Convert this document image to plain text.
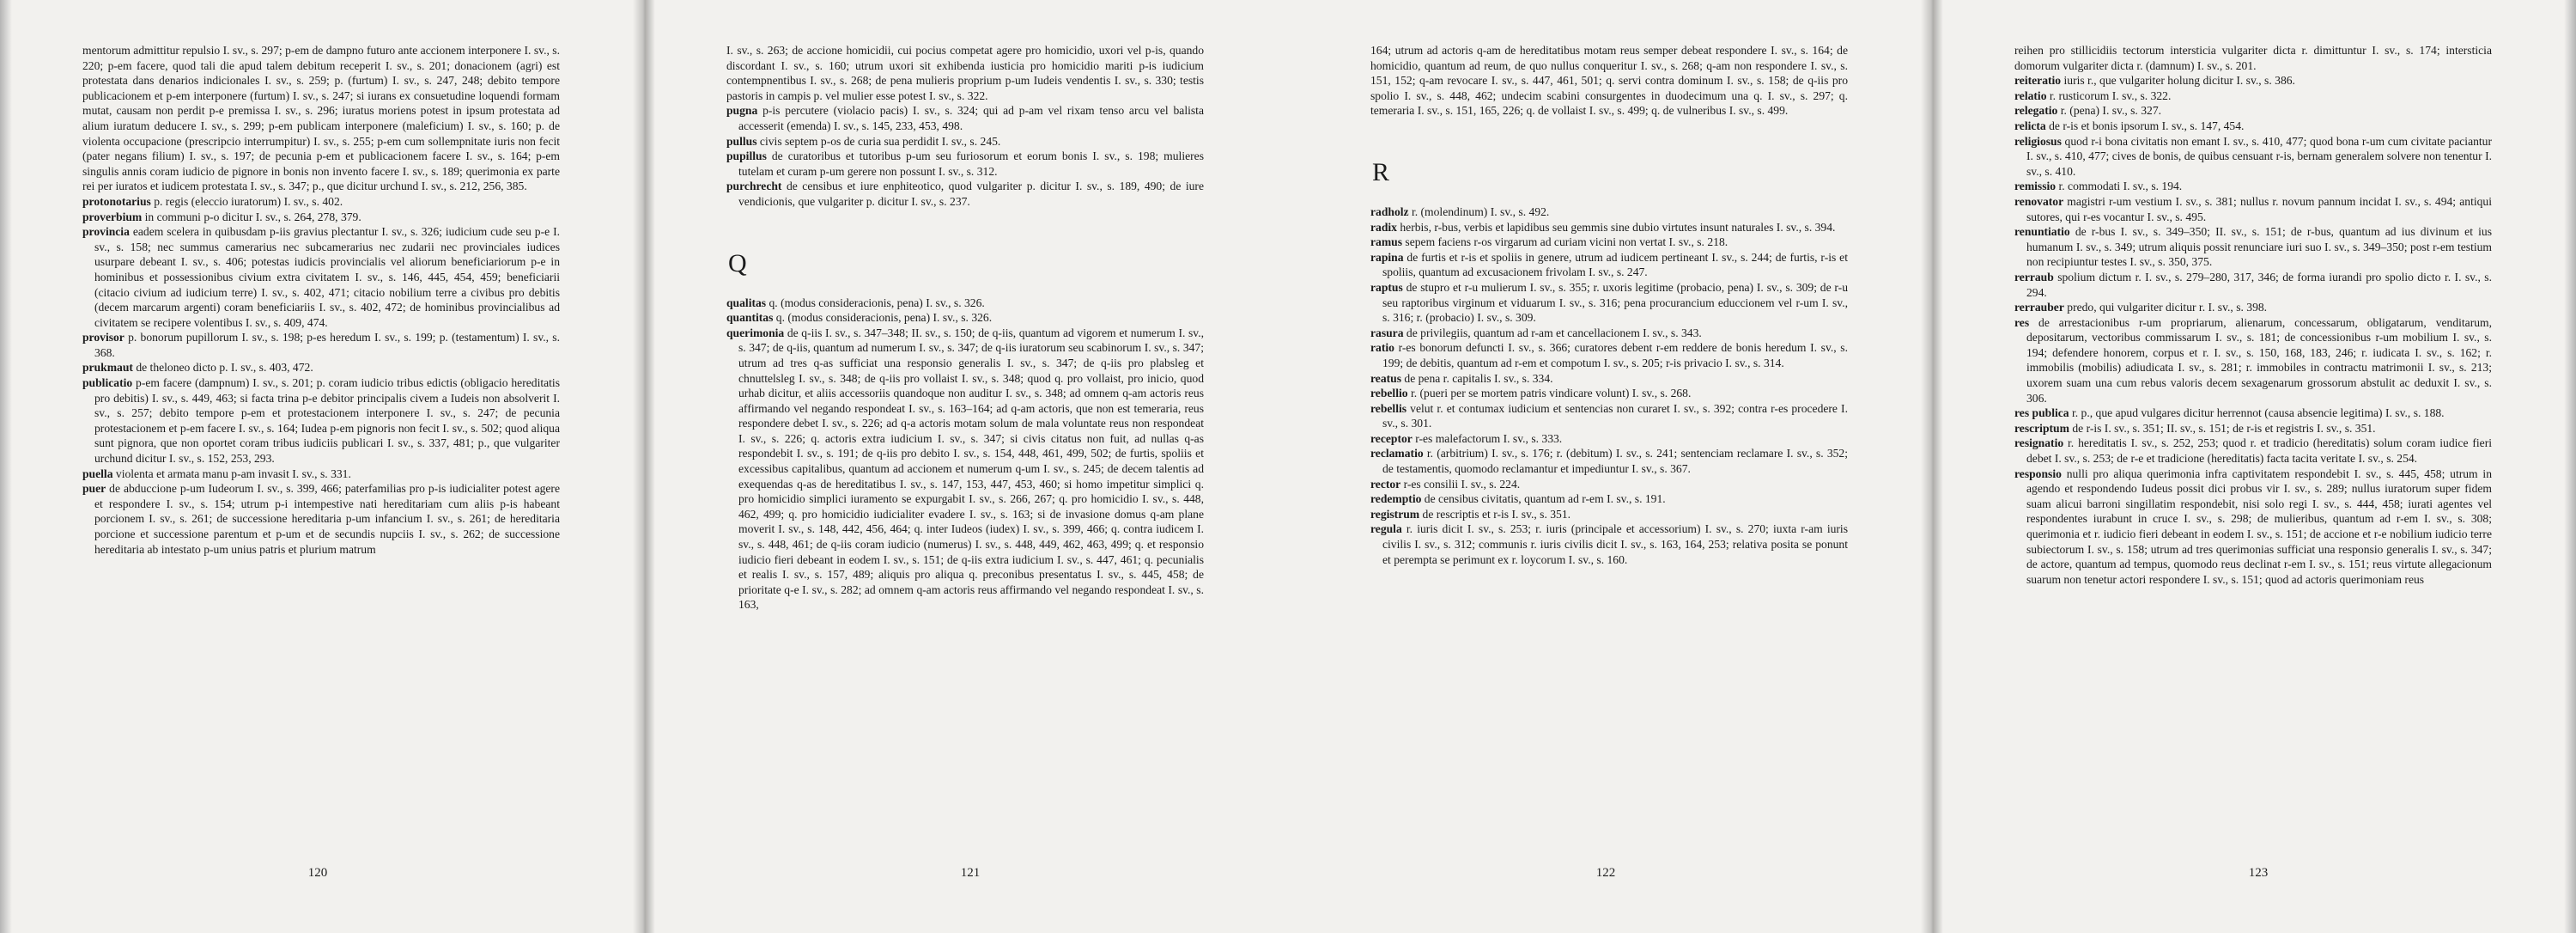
mentorum admittitur repulsio I. sv., s. 297; p-em de dampno futuro ante accionem interponere I. sv., s. 220; p-em facere, quod tali die apud talem debitum receperit I. sv., s. 201; donacionem (agri) est protestata dans denarios indicionales I. sv., s. 259; p. (furtum) I. sv., s. 247, 248; debito tempore publicacionem et p-em interponere (furtum) I. sv., s. 247; si iurans ex consuetudine loquendi formam mutat, causam non perdit p-e premissa I. sv., s. 296; iuratus moriens potest in ipsum protestata ad alium iuratum deducere I. sv., s. 299; p-em publicam interponere (maleficium) I. sv., s. 160; p. de violenta occupacione (prescripcio interrumpitur) I. sv., s. 255; p-em cum sollempnitate iuris non fecit (pater negans filium) I. sv., s. 197; de pecunia p-em et publicacionem facere I. sv., s. 164; p-em singulis annis coram iudicio de pignore in bonis non invento facere I. sv., s. 189; querimonia ex parte rei per iuratos et iudicem protestata I. sv., s. 347; p., que dicitur urchund I. sv., s. 212, 256, 385.

protonotarius p. regis (eleccio iuratorum) I. sv., s. 402.

proverbium in communi p-o dicitur I. sv., s. 264, 278, 379.

provincia eadem scelera in quibusdam p-iis gravius plectantur I. sv., s. 326; iudicium cude seu p-e I. sv., s. 158; nec summus camerarius nec subcamerarius nec zudarii nec provinciales iudices usurpare debeant I. sv., s. 406; potestas iudicis provincialis vel aliorum beneficiariorum p-e in hominibus et possessionibus civium extra civitatem I. sv., s. 146, 445, 454, 459; beneficiarii (citacio civium ad iudicium terre) I. sv., s. 402, 471; citacio nobilium terre a civibus pro debitis (decem marcarum argenti) coram beneficiariis I. sv., s. 402, 472; de hominibus provincialibus ad civitatem se recipere volentibus I. sv., s. 409, 474.

provisor p. bonorum pupillorum I. sv., s. 198; p-es heredum I. sv., s. 199; p. (testamentum) I. sv., s. 368.

prukmaut de theloneo dicto p. I. sv., s. 403, 472.

publicatio p-em facere (dampnum) I. sv., s. 201; p. coram iudicio tribus edictis (obligacio hereditatis pro debitis) I. sv., s. 449, 463; si facta trina p-e debitor principalis civem a Iudeis non absolverit I. sv., s. 257; debito tempore p-em et protestacionem interponere I. sv., s. 247; de pecunia protestacionem et p-em facere I. sv., s. 164; Iudea p-em pignoris non fecit I. sv., s. 502; quod aliqua sunt pignora, que non oportet coram tribus iudiciis publicari I. sv., s. 337, 481; p., que vulgariter urchund dicitur I. sv., s. 152, 253, 293.

puella violenta et armata manu p-am invasit I. sv., s. 331.

puer de abduccione p-um Iudeorum I. sv., s. 399, 466; paterfamilias pro p-is iudicialiter potest agere et respondere I. sv., s. 154; utrum p-i intempestive nati hereditariam cum aliis p-is habeant porcionem I. sv., s. 261; de successione hereditaria p-um infancium I. sv., s. 261; de hereditaria porcione et successione parentum et p-um et de secundis nupciis I. sv., s. 262; de successione hereditaria ab intestato p-um unius patris et plurium matrum

120

I. sv., s. 263; de accione homicidii, cui pocius competat agere pro homicidio, uxori vel p-is, quando discordant I. sv., s. 160; utrum uxori sit exhibenda iusticia pro homicidio mariti p-is iudicium contempnentibus I. sv., s. 268; de pena mulieris proprium p-um Iudeis vendentis I. sv., s. 330; testis pastoris in campis p. vel mulier esse potest I. sv., s. 322.

pugna p-is percutere (violacio pacis) I. sv., s. 324; qui ad p-am vel rixam tenso arcu vel balista accesserit (emenda) I. sv., s. 145, 233, 453, 498.

pullus civis septem p-os de curia sua perdidit I. sv., s. 245.

pupillus de curatoribus et tutoribus p-um seu furiosorum et eorum bonis I. sv., s. 198; mulieres tutelam et curam p-um gerere non possunt I. sv., s. 312.

purchrecht de censibus et iure enphiteotico, quod vulgariter p. dicitur I. sv., s. 189, 490; de iure vendicionis, que vulgariter p. dicitur I. sv., s. 237.

Q

qualitas q. (modus consideracionis, pena) I. sv., s. 326.

quantitas q. (modus consideracionis, pena) I. sv., s. 326.

querimonia de q-iis I. sv., s. 347–348; II. sv., s. 150; de q-iis, quantum ad vigorem et numerum I. sv., s. 347; de q-iis, quantum ad numerum I. sv., s. 347; de q-iis iuratorum seu scabinorum I. sv., s. 347; utrum ad tres q-as sufficiat una responsio generalis I. sv., s. 347; de q-iis pro plabsleg et chnuttelsleg I. sv., s. 348; de q-iis pro vollaist I. sv., s. 348; quod q. pro vollaist, pro inicio, quod urhab dicitur, et aliis accessoriis quandoque non auditur I. sv., s. 348; ad omnem q-am actoris reus affirmando vel negando respondeat I. sv., s. 163–164; ad q-am actoris, que non est temeraria, reus respondere debet I. sv., s. 226; ad q-a actoris motam solum de mala voluntate reus non respondeat I. sv., s. 226; q. actoris extra iudicium I. sv., s. 347; si civis citatus non fuit, ad nullas q-as respondebit I. sv., s. 191; de q-iis pro debito I. sv., s. 154, 448, 461, 499, 502; de furtis, spoliis et excessibus capitalibus, quantum ad accionem et numerum q-um I. sv., s. 245; de decem talentis ad exequendas q-as de hereditatibus I. sv., s. 147, 153, 447, 453, 460; si homo impetitur simplici q. pro homicidio simplici iuramento se expurgabit I. sv., s. 266, 267; q. pro homicidio I. sv., s. 448, 462, 499; q. pro homicidio iudicialiter evadere I. sv., s. 163; si de invasione domus q-am plane moverit I. sv., s. 148, 442, 456, 464; q. inter Iudeos (iudex) I. sv., s. 399, 466; q. contra iudicem I. sv., s. 448, 461; de q-iis coram iudicio (numerus) I. sv., s. 448, 449, 462, 463, 499; q. et responsio iudicio fieri debeant in eodem I. sv., s. 151; de q-iis extra iudicium I. sv., s. 447, 461; q. pecunialis et realis I. sv., s. 157, 489; aliquis pro aliqua q. preconibus presentatus I. sv., s. 445, 458; de prioritate q-e I. sv., s. 282; ad omnem q-am actoris reus affirmando vel negando respondeat I. sv., s. 163,

121

164; utrum ad actoris q-am de hereditatibus motam reus semper debeat respondere I. sv., s. 164; de homicidio, quantum ad reum, de quo nullus conqueritur I. sv., s. 268; q-am non respondere I. sv., s. 151, 152; q-am revocare I. sv., s. 447, 461, 501; q. servi contra dominum I. sv., s. 158; de q-iis pro spolio I. sv., s. 448, 462; undecim scabini consurgentes in duodecimum una q. I. sv., s. 297; q. temeraria I. sv., s. 151, 165, 226; q. de vollaist I. sv., s. 499; q. de vulneribus I. sv., s. 499.

R

radholz r. (molendinum) I. sv., s. 492.

radix herbis, r-bus, verbis et lapidibus seu gemmis sine dubio virtutes insunt naturales I. sv., s. 394.

ramus sepem faciens r-os virgarum ad curiam vicini non vertat I. sv., s. 218.

rapina de furtis et r-is et spoliis in genere, utrum ad iudicem pertineant I. sv., s. 244; de furtis, r-is et spoliis, quantum ad excusacionem frivolam I. sv., s. 247.

raptus de stupro et r-u mulierum I. sv., s. 355; r. uxoris legitime (probacio, pena) I. sv., s. 309; de r-u seu raptoribus virginum et viduarum I. sv., s. 316; pena procurancium educcionem vel r-um I. sv., s. 316; r. (probacio) I. sv., s. 309.

rasura de privilegiis, quantum ad r-am et cancellacionem I. sv., s. 343.

ratio r-es bonorum defuncti I. sv., s. 366; curatores debent r-em reddere de bonis heredum I. sv., s. 199; de debitis, quantum ad r-em et compotum I. sv., s. 205; r-is privacio I. sv., s. 314.

reatus de pena r. capitalis I. sv., s. 334.

rebellio r. (pueri per se mortem patris vindicare volunt) I. sv., s. 268.

rebellis velut r. et contumax iudicium et sentencias non curaret I. sv., s. 392; contra r-es procedere I. sv., s. 301.

receptor r-es malefactorum I. sv., s. 333.

reclamatio r. (arbitrium) I. sv., s. 176; r. (debitum) I. sv., s. 241; sentenciam reclamare I. sv., s. 352; de testamentis, quomodo reclamantur et impediuntur I. sv., s. 367.

rector r-es consilii I. sv., s. 224.

redemptio de censibus civitatis, quantum ad r-em I. sv., s. 191.

registrum de rescriptis et r-is I. sv., s. 351.

regula r. iuris dicit I. sv., s. 253; r. iuris (principale et accessorium) I. sv., s. 270; iuxta r-am iuris civilis I. sv., s. 312; communis r. iuris civilis dicit I. sv., s. 163, 164, 253; relativa posita se ponunt et perempta se perimunt ex r. loycorum I. sv., s. 160.

122

reihen pro stillicidiis tectorum intersticia vulgariter dicta r. dimittuntur I. sv., s. 174; intersticia domorum vulgariter dicta r. (damnum) I. sv., s. 201.

reiteratio iuris r., que vulgariter holung dicitur I. sv., s. 386.

relatio r. rusticorum I. sv., s. 322.

relegatio r. (pena) I. sv., s. 327.

relicta de r-is et bonis ipsorum I. sv., s. 147, 454.

religiosus quod r-i bona civitatis non emant I. sv., s. 410, 477; quod bona r-um cum civitate paciantur I. sv., s. 410, 477; cives de bonis, de quibus censuant r-is, bernam generalem solvere non tenentur I. sv., s. 410.

remissio r. commodati I. sv., s. 194.

renovator magistri r-um vestium I. sv., s. 381; nullus r. novum pannum incidat I. sv., s. 494; antiqui sutores, qui r-es vocantur I. sv., s. 495.

renuntiatio de r-bus I. sv., s. 349–350; II. sv., s. 151; de r-bus, quantum ad ius divinum et ius humanum I. sv., s. 349; utrum aliquis possit renunciare iuri suo I. sv., s. 349–350; post r-em testium non recipiuntur testes I. sv., s. 350, 375.

rerraub spolium dictum r. I. sv., s. 279–280, 317, 346; de forma iurandi pro spolio dicto r. I. sv., s. 294.

rerrauber predo, qui vulgariter dicitur r. I. sv., s. 398.

res de arrestacionibus r-um propriarum, alienarum, concessarum, obligatarum, venditarum, depositarum, vectoribus commissarum I. sv., s. 181; de concessionibus r-um mobilium I. sv., s. 194; defendere honorem, corpus et r. I. sv., s. 150, 168, 183, 246; r. iudicata I. sv., s. 162; r. immobilis (mobilis) adiudicata I. sv., s. 281; r. immobiles in contractu matrimonii I. sv., s. 213; uxorem suam una cum rebus valoris decem sexagenarum grossorum abstulit ac deduxit I. sv., s. 306.

res publica r. p., que apud vulgares dicitur herrennot (causa absencie legitima) I. sv., s. 188.

rescriptum de r-is I. sv., s. 351; II. sv., s. 151; de r-is et registris I. sv., s. 351.

resignatio r. hereditatis I. sv., s. 252, 253; quod r. et tradicio (hereditatis) solum coram iudice fieri debet I. sv., s. 253; de r-e et tradicione (hereditatis) facta tacita veritate I. sv., s. 254.

responsio nulli pro aliqua querimonia infra captivitatem respondebit I. sv., s. 445, 458; utrum in agendo et respondendo Iudeus possit dici probus vir I. sv., s. 289; nullus iuratorum super fidem suam alicui barroni singillatim respondebit, nisi solo regi I. sv., s. 444, 458; iurati agentes vel respondentes iurabunt in cruce I. sv., s. 298; de mulieribus, quantum ad r-em I. sv., s. 308; querimonia et r. iudicio fieri debeant in eodem I. sv., s. 151; de accione et r-e nobilium iudicio terre subiectorum I. sv., s. 158; utrum ad tres querimonias sufficiat una responsio generalis I. sv., s. 347; de actore, quantum ad tempus, quomodo reus declinat r-em I. sv., s. 151; reus virtute allegacionum suarum non tenetur actori respondere I. sv., s. 151; quod ad actoris querimoniam reus

123
